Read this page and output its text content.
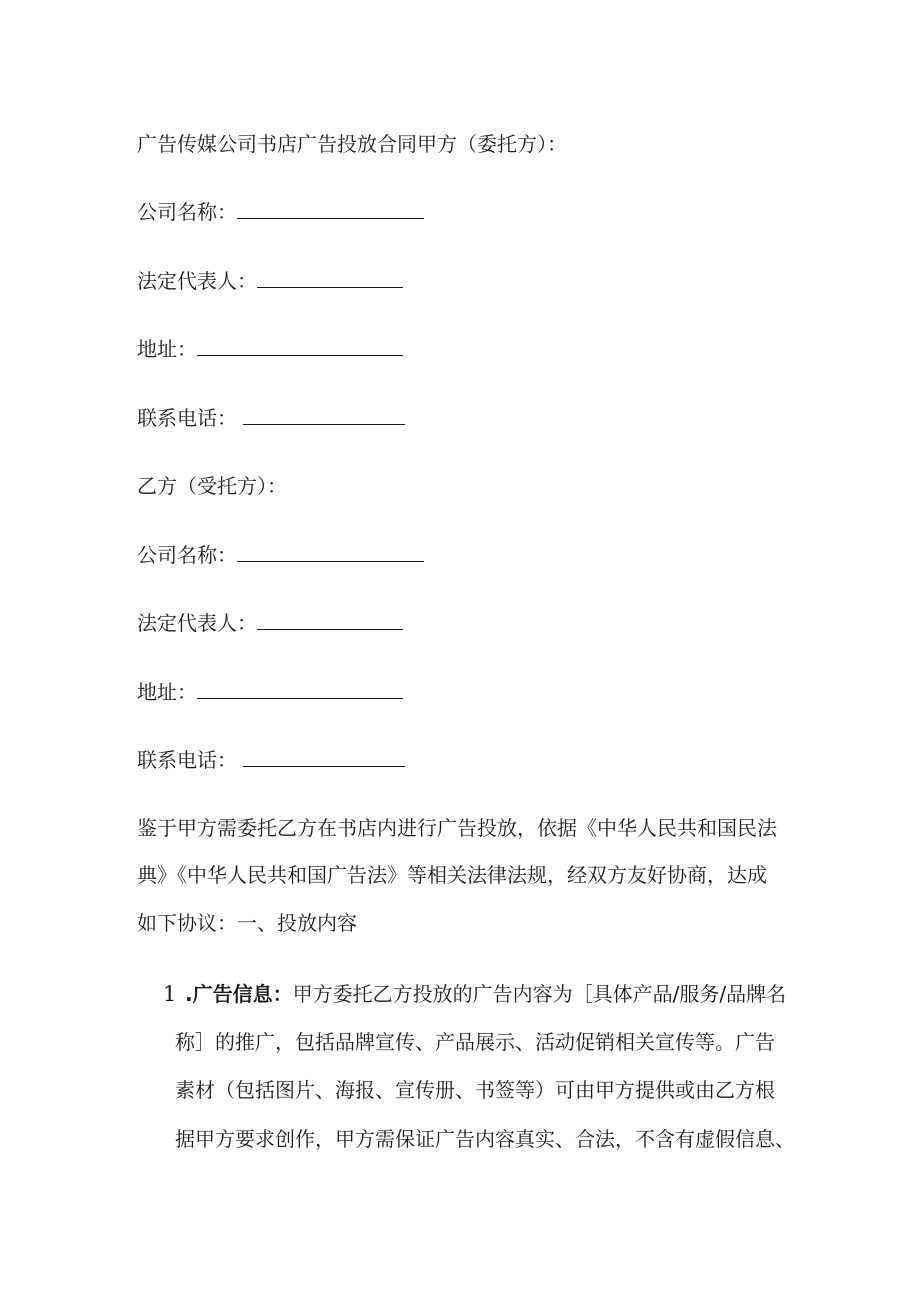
广告传媒公司书店广告投放合同甲方（委托方）：
公司名称：
法定代表人：
地址：
联系电话：
乙方（受托方）：
公司名称：
法定代表人：
地址：
联系电话：
鉴于甲方需委托乙方在书店内进行广告投放，依据《中华人民共和国民法
典》《中华人民共和国广告法》等相关法律法规，经双方友好协商，达成
如下协议：一、投放内容
1 .广告信息：甲方委托乙方投放的广告内容为［具体产品/服务/品牌名
称］的推广，包括品牌宣传、产品展示、活动促销相关宣传等。广告
素材（包括图片、海报、宣传册、书签等）可由甲方提供或由乙方根
据甲方要求创作，甲方需保证广告内容真实、合法，不含有虚假信息、
